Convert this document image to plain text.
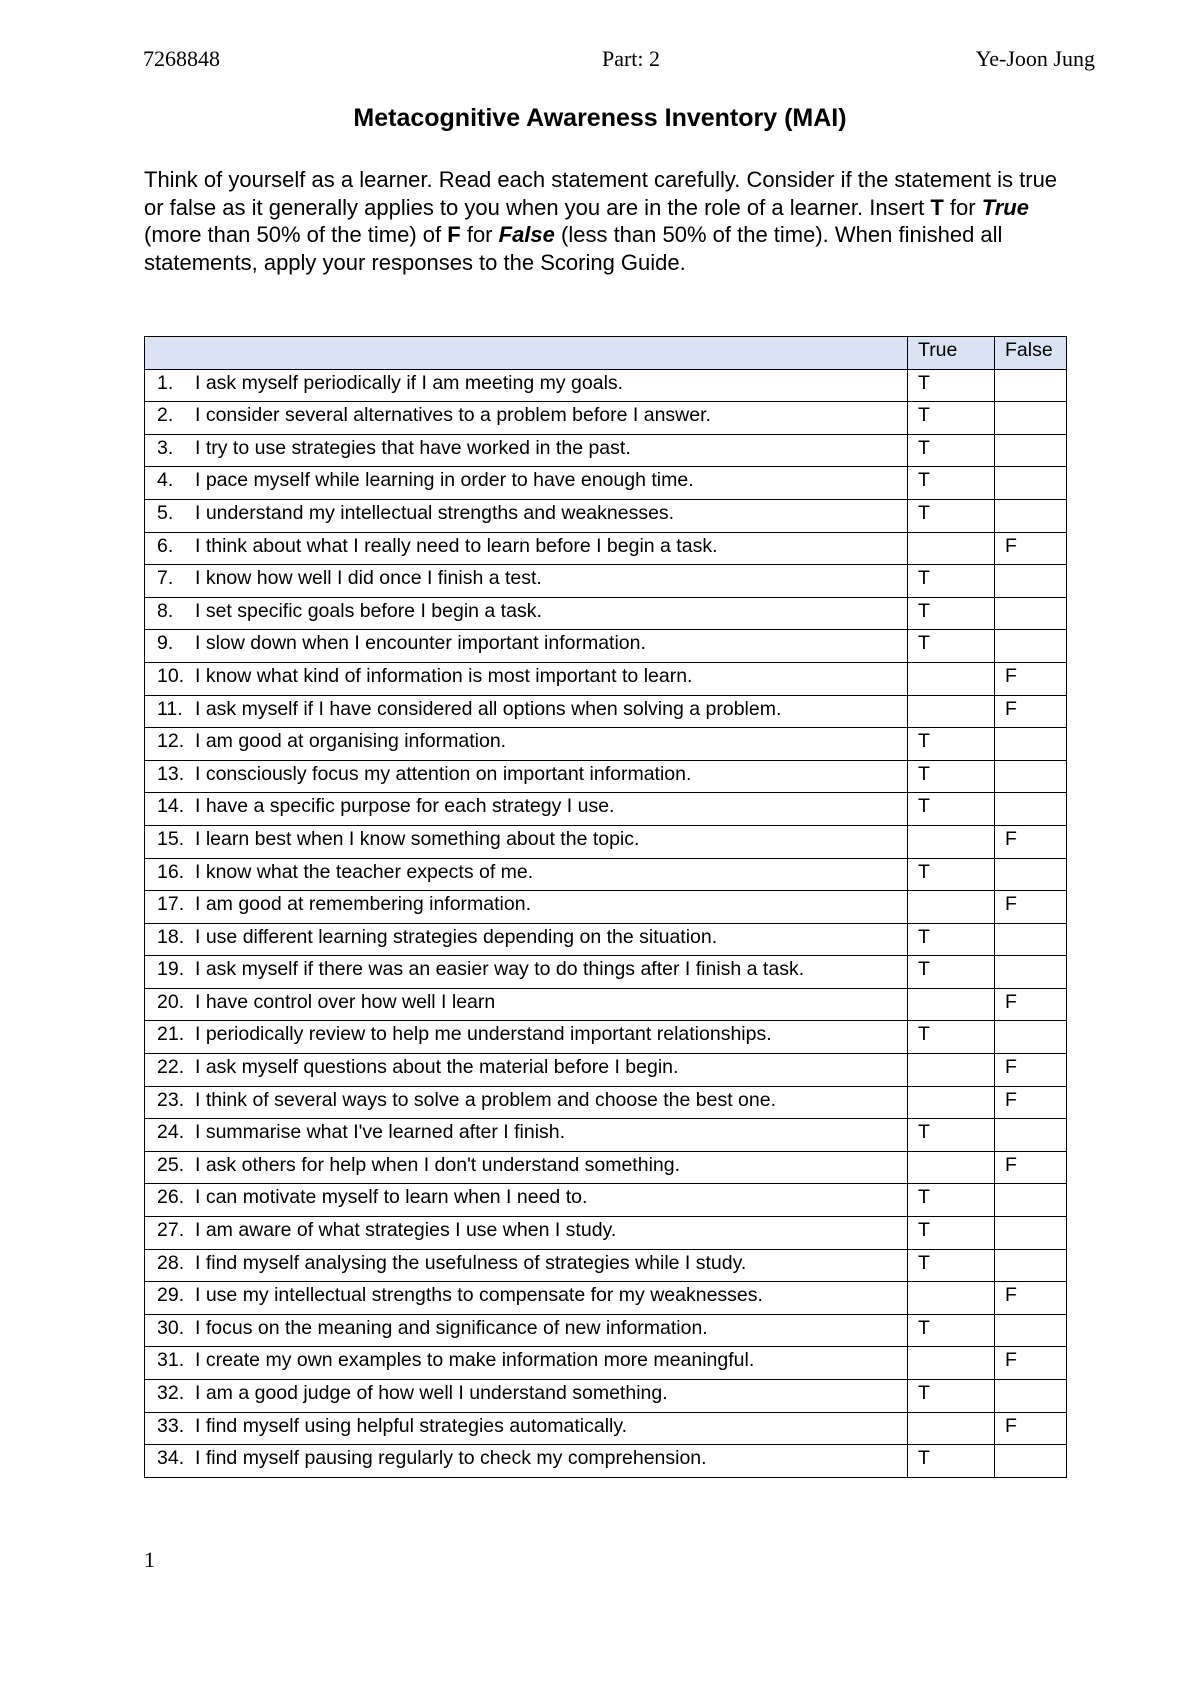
7268848	Part: 2	Ye-Joon Jung
Metacognitive Awareness Inventory (MAI)
Think of yourself as a learner. Read each statement carefully. Consider if the statement is true or false as it generally applies to you when you are in the role of a learner. Insert T for True (more than 50% of the time) of F for False (less than 50% of the time). When finished all statements, apply your responses to the Scoring Guide.
	True	False

1. I ask myself periodically if I am meeting my goals.	T	

2. I consider several alternatives to a problem before I answer.	T	

3. I try to use strategies that have worked in the past.	T	

4. I pace myself while learning in order to have enough time.	T	

5. I understand my intellectual strengths and weaknesses.	T	

6. I think about what I really need to learn before I begin a task.		F

7. I know how well I did once I finish a test.	T	

8. I set specific goals before I begin a task.	T	

9. I slow down when I encounter important information.	T	

10. I know what kind of information is most important to learn.		F

11. I ask myself if I have considered all options when solving a problem.		F

12. I am good at organising information.	T	

13. I consciously focus my attention on important information.	T	

14. I have a specific purpose for each strategy I use.	T	

15. I learn best when I know something about the topic.		F

16. I know what the teacher expects of me.	T	

17. I am good at remembering information.		F

18. I use different learning strategies depending on the situation.	T	

19. I ask myself if there was an easier way to do things after I finish a task.	T	

20. I have control over how well I learn		F

21. I periodically review to help me understand important relationships.	T	

22. I ask myself questions about the material before I begin.		F

23. I think of several ways to solve a problem and choose the best one.		F

24. I summarise what I've learned after I finish.	T	

25. I ask others for help when I don't understand something.		F

26. I can motivate myself to learn when I need to.	T	

27. I am aware of what strategies I use when I study.	T	

28. I find myself analysing the usefulness of strategies while I study.	T	

29. I use my intellectual strengths to compensate for my weaknesses.		F

30. I focus on the meaning and significance of new information.	T	

31. I create my own examples to make information more meaningful.		F

32. I am a good judge of how well I understand something.	T	

33. I find myself using helpful strategies automatically.		F

34. I find myself pausing regularly to check my comprehension.	T	
1
